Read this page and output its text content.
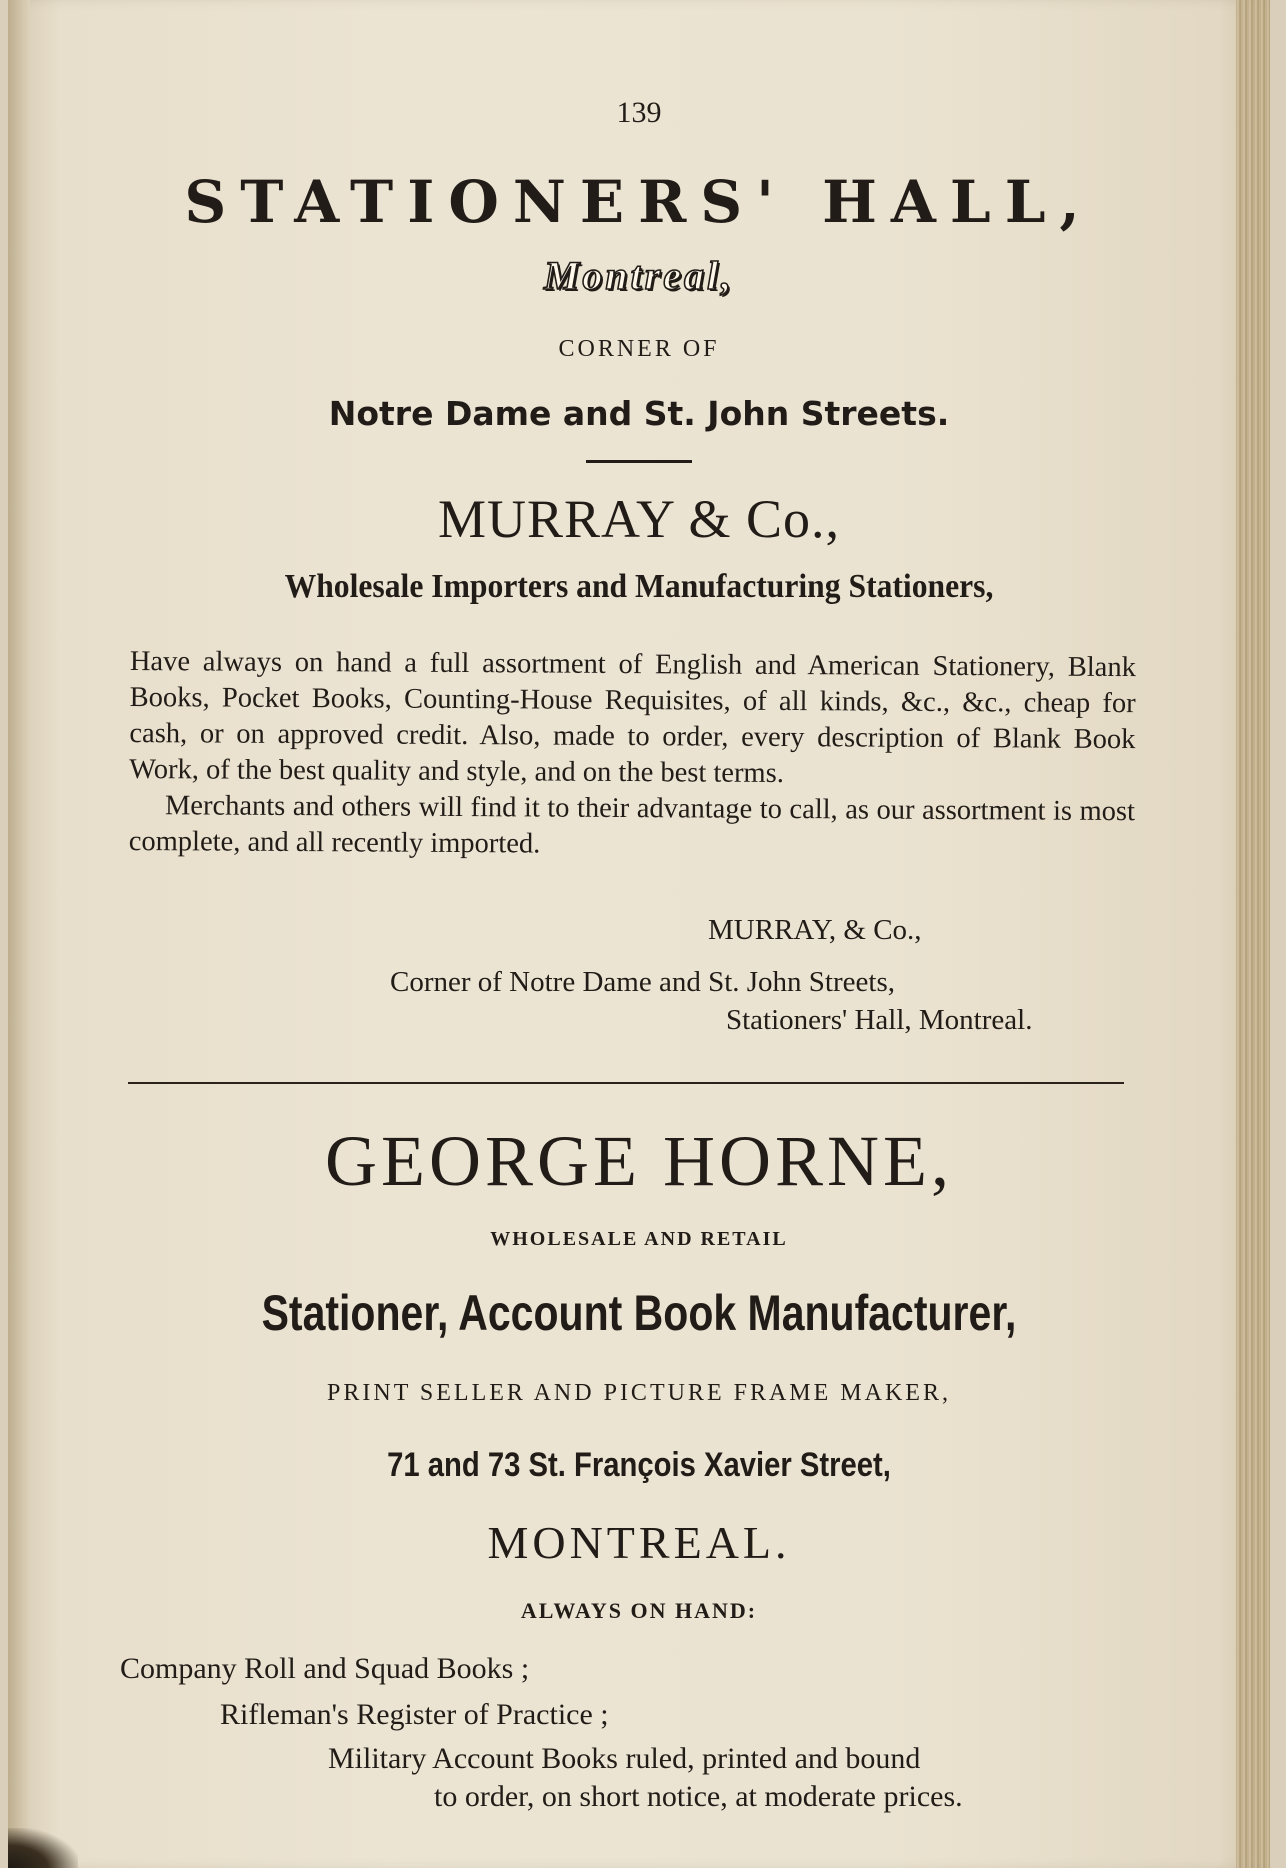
139
STATIONERS' HALL,
Montreal,
CORNER OF
Notre Dame and St. John Streets.
MURRAY & Co.,
Wholesale Importers and Manufacturing Stationers,

Have always on hand a full assortment of English and American Stationery, Blank Books, Pocket Books, Counting-House Requisites, of all kinds, &c., &c., cheap for cash, or on approved credit. Also, made to order, every description of Blank Book Work, of the best quality and style, and on the best terms.

Merchants and others will find it to their advantage to call, as our assortment is most complete, and all recently imported.

MURRAY, & Co.,
Corner of Notre Dame and St. John Streets,
Stationers' Hall, Montreal.
GEORGE HORNE,
WHOLESALE AND RETAIL
Stationer, Account Book Manufacturer,
PRINT SELLER AND PICTURE FRAME MAKER,
71 and 73 St. François Xavier Street,
MONTREAL.
ALWAYS ON HAND:
Company Roll and Squad Books ;
Rifleman's Register of Practice ;
Military Account Books ruled, printed and bound
to order, on short notice, at moderate prices.
